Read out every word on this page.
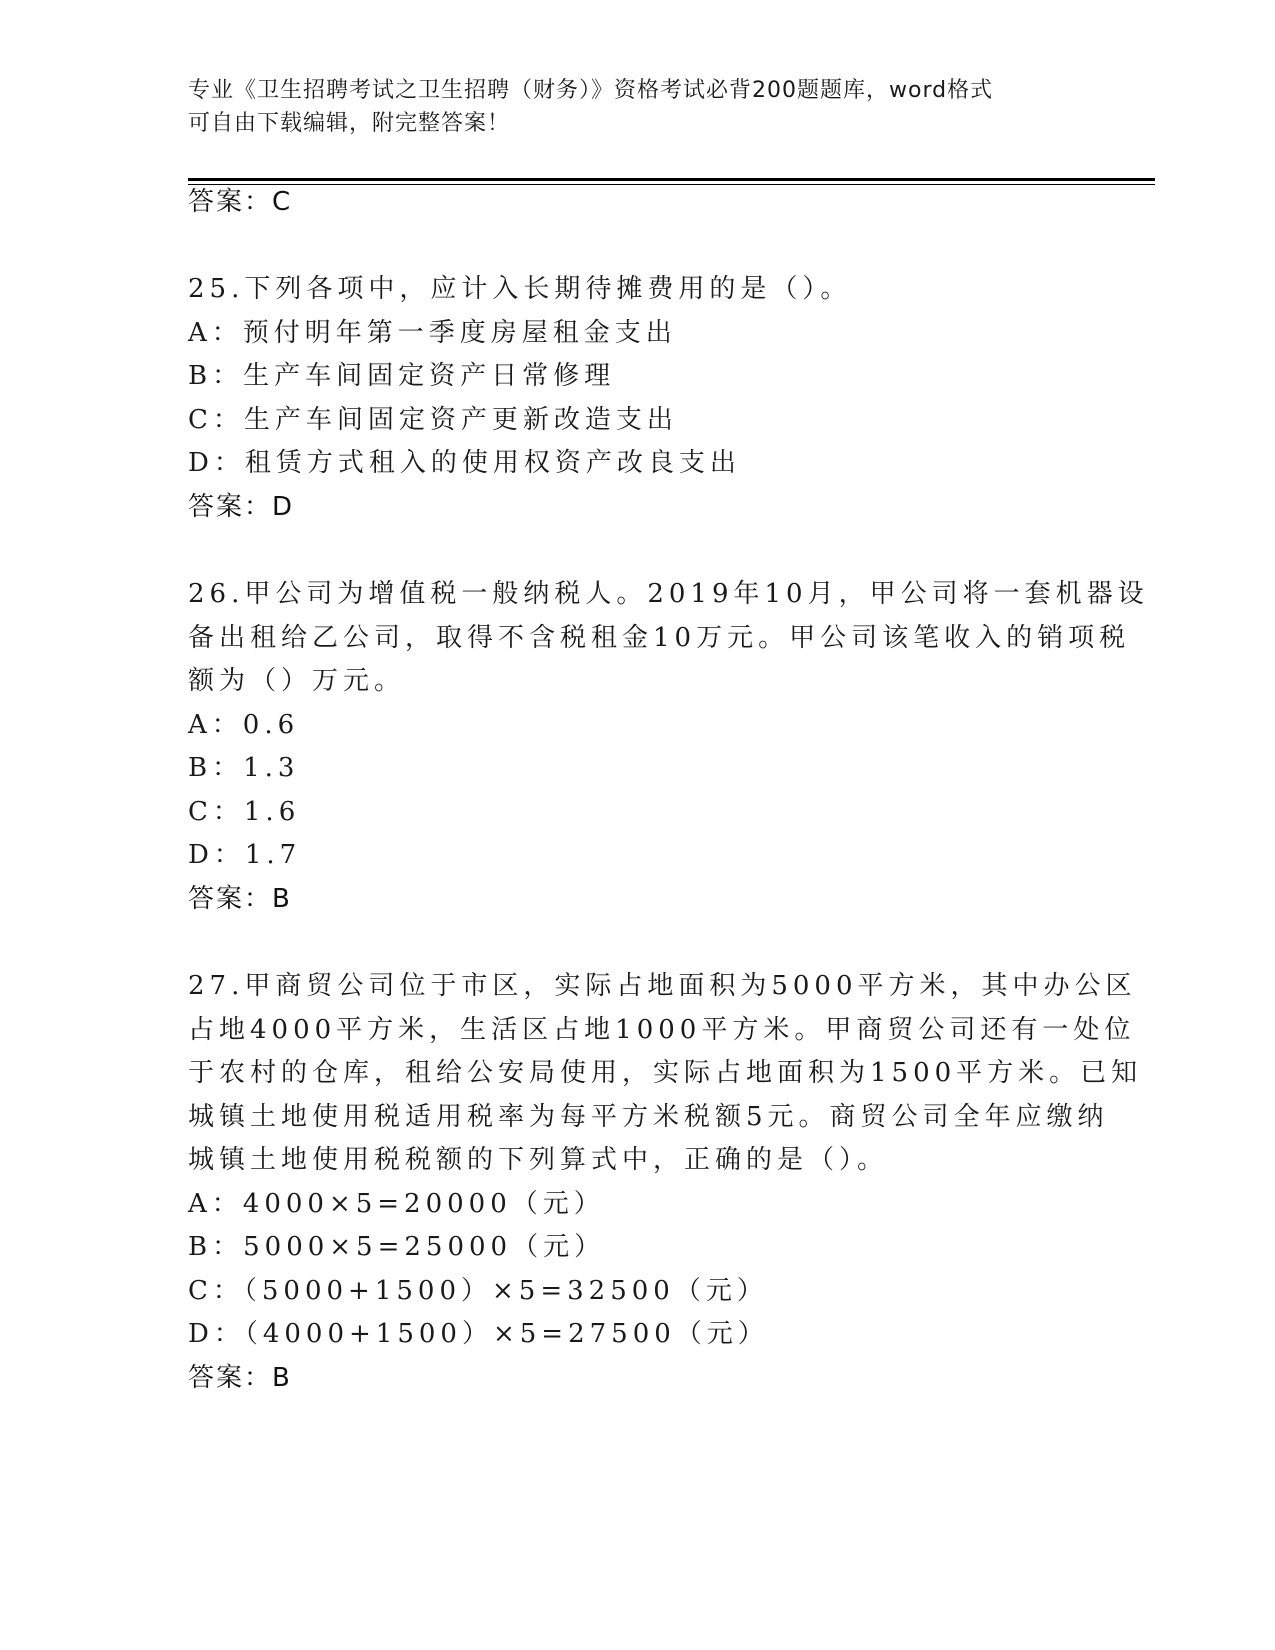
专业《卫生招聘考试之卫生招聘（财务）》资格考试必背200题题库，word格式
可自由下载编辑，附完整答案！
答案：C
25.下列各项中，应计入长期待摊费用的是（）。
A：预付明年第一季度房屋租金支出
B：生产车间固定资产日常修理
C：生产车间固定资产更新改造支出
D：租赁方式租入的使用权资产改良支出
答案：D
26.甲公司为增值税一般纳税人。2019年10月，甲公司将一套机器设
备出租给乙公司，取得不含税租金10万元。甲公司该笔收入的销项税
额为（）万元。
A：0.6
B：1.3
C：1.6
D：1.7
答案：B
27.甲商贸公司位于市区，实际占地面积为5000平方米，其中办公区
占地4000平方米，生活区占地1000平方米。甲商贸公司还有一处位
于农村的仓库，租给公安局使用，实际占地面积为1500平方米。已知
城镇土地使用税适用税率为每平方米税额5元。商贸公司全年应缴纳
城镇土地使用税税额的下列算式中，正确的是（）。
A：4000×5=20000（元）
B：5000×5=25000（元）
C：（5000+1500）×5=32500（元）
D：（4000+1500）×5=27500（元）
答案：B
